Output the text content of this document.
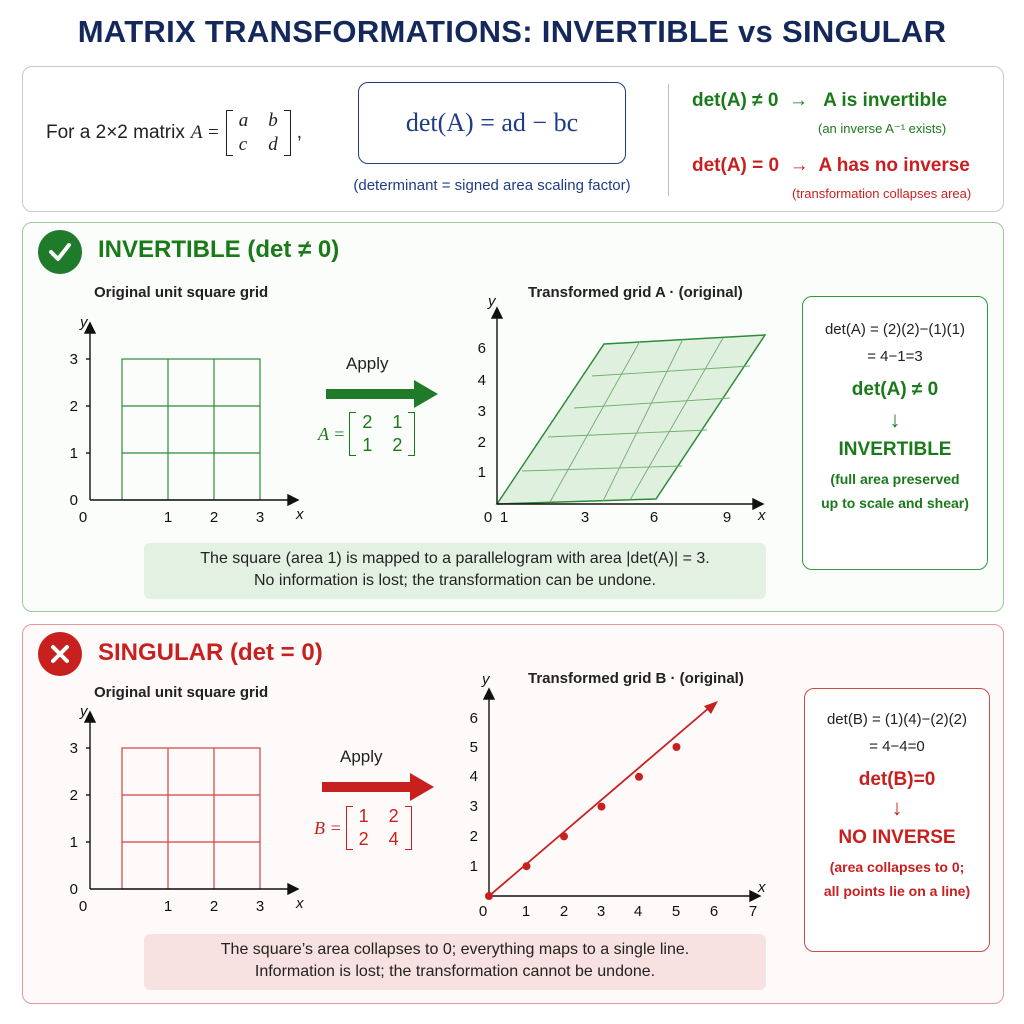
MATRIX TRANSFORMATIONS: INVERTIBLE vs SINGULAR
For a 2×2 matrix A =
a b
c d
,	det(A) = ad − bc
(determinant = signed area scaling factor)
det(A) ≠ 0  →   A is invertible
(an inverse A⁻¹ exists)
det(A) = 0  →  A has no inverse
(transformation collapses area)
INVERTIBLE (det ≠ 0)
Original unit square grid
0
1
2
3
0	1	2	3 x
y
Apply
A =
2 1
1 2
Transformed grid A · (original)
1
2
3
4
6
0 1	3	6	9 x
y
det(A) = (2)(2)−(1)(1)
= 4−1=3
det(A) ≠ 0
↓
INVERTIBLE
(full area preserved
up to scale and shear)
The square (area 1) is mapped to a parallelogram with area |det(A)| = 3.
No information is lost; the transformation can be undone.
SINGULAR (det = 0)
Original unit square grid
0
1
2
3
0	1	2	3 x
y
Apply
B =
1 2
2 4
Transformed grid B · (original)
1
2
3
4
5
6
0 1 2 3 4 5 6 7
x
y
det(B) = (1)(4)−(2)(2)
= 4−4=0
det(B)=0
↓
NO INVERSE
(area collapses to 0;
all points lie on a line)
The square’s area collapses to 0; everything maps to a single line.
Information is lost; the transformation cannot be undone.
